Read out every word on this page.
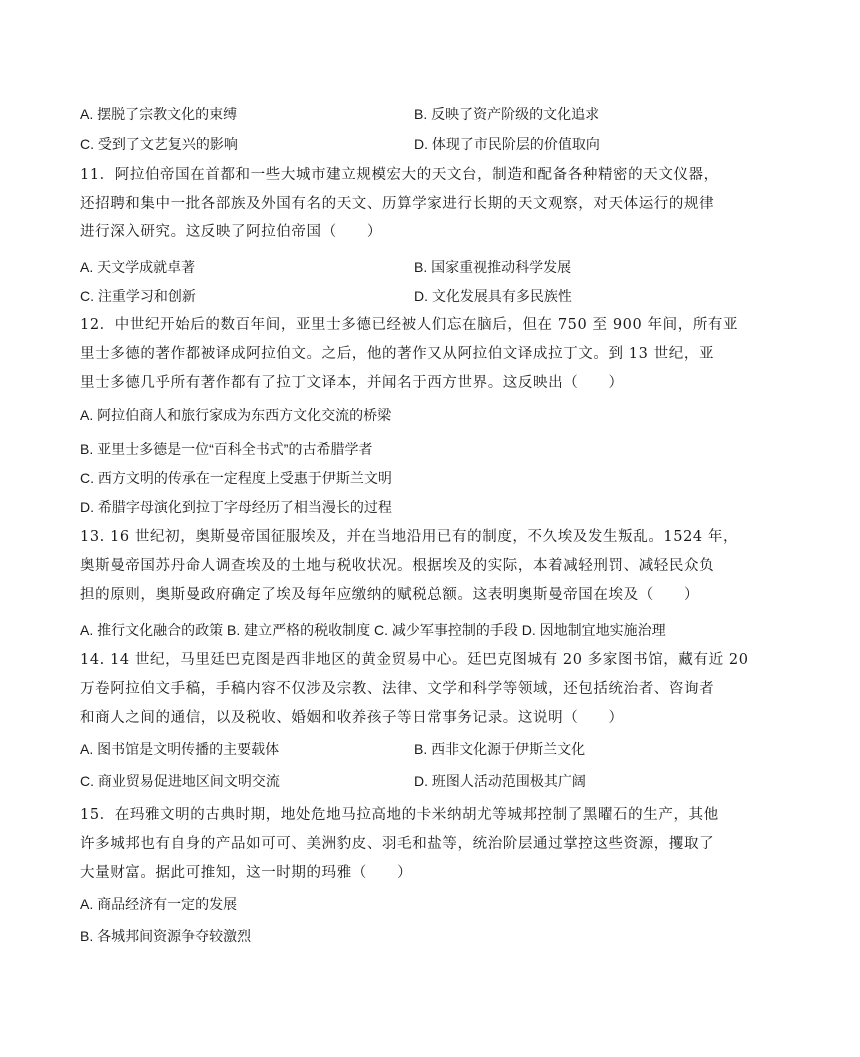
A. 摆脱了宗教文化的束缚	B. 反映了资产阶级的文化追求
C. 受到了文艺复兴的影响	D. 体现了市民阶层的价值取向
11．阿拉伯帝国在首都和一些大城市建立规模宏大的天文台，制造和配备各种精密的天文仪器，
还招聘和集中一批各部族及外国有名的天文、历算学家进行长期的天文观察，对天体运行的规律
进行深入研究。这反映了阿拉伯帝国（　　）
A. 天文学成就卓著	B. 国家重视推动科学发展
C. 注重学习和创新	D. 文化发展具有多民族性
12．中世纪开始后的数百年间，亚里士多德已经被人们忘在脑后，但在 750 至 900 年间，所有亚
里士多德的著作都被译成阿拉伯文。之后，他的著作又从阿拉伯文译成拉丁文。到 13 世纪，亚
里士多德几乎所有著作都有了拉丁文译本，并闻名于西方世界。这反映出（　　）
A. 阿拉伯商人和旅行家成为东西方文化交流的桥梁
B. 亚里士多德是一位“百科全书式”的古希腊学者
C. 西方文明的传承在一定程度上受惠于伊斯兰文明
D. 希腊字母演化到拉丁字母经历了相当漫长的过程
13. 16 世纪初，奥斯曼帝国征服埃及，并在当地沿用已有的制度，不久埃及发生叛乱。1524 年，
奥斯曼帝国苏丹命人调查埃及的土地与税收状况。根据埃及的实际，本着减轻刑罚、减轻民众负
担的原则，奥斯曼政府确定了埃及每年应缴纳的赋税总额。这表明奥斯曼帝国在埃及（　　）
A. 推行文化融合的政策 B. 建立严格的税收制度 C. 减少军事控制的手段 D. 因地制宜地实施治理
14. 14 世纪，马里廷巴克图是西非地区的黄金贸易中心。廷巴克图城有 20 多家图书馆，藏有近 20
万卷阿拉伯文手稿，手稿内容不仅涉及宗教、法律、文学和科学等领域，还包括统治者、咨询者
和商人之间的通信，以及税收、婚姻和收养孩子等日常事务记录。这说明（　　）
A. 图书馆是文明传播的主要载体	B. 西非文化源于伊斯兰文化
C. 商业贸易促进地区间文明交流	D. 班图人活动范围极其广阔
15．在玛雅文明的古典时期，地处危地马拉高地的卡米纳胡尤等城邦控制了黑曜石的生产，其他
许多城邦也有自身的产品如可可、美洲豹皮、羽毛和盐等，统治阶层通过掌控这些资源，攫取了
大量财富。据此可推知，这一时期的玛雅（　　）
A. 商品经济有一定的发展
B. 各城邦间资源争夺较激烈
